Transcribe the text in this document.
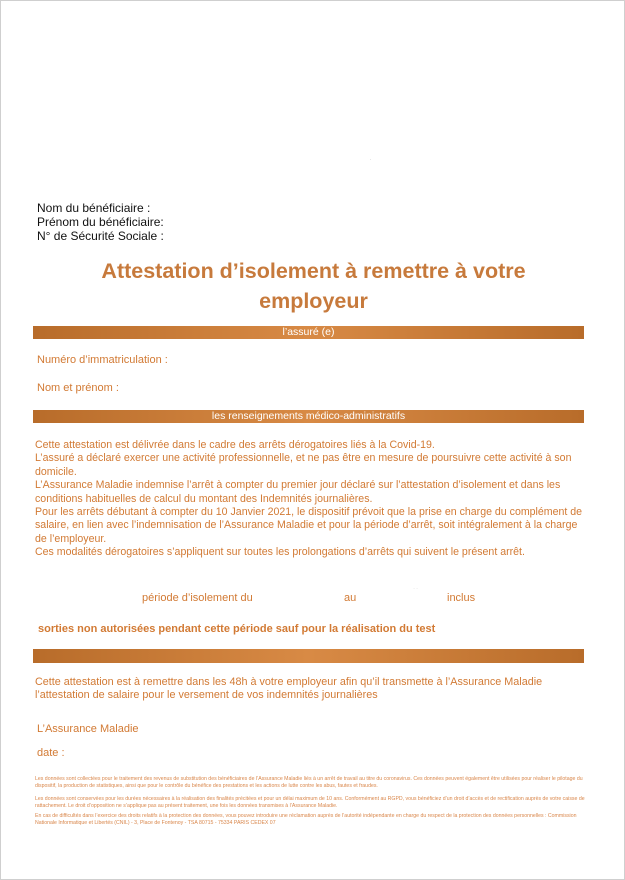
·
Nom du bénéficiaire :
Prénom du bénéficiaire:
N° de Sécurité Sociale :
Attestation d’isolement à remettre à votre
employeur
l’assuré (e)
Numéro d’immatriculation :
Nom et prénom :
les renseignements médico-administratifs

Cette attestation est délivrée dans le cadre des arrêts dérogatoires liés à la Covid-19.

L’assuré a déclaré exercer une activité professionnelle, et ne pas être en mesure de poursuivre cette activité à son domicile.

L’Assurance Maladie indemnise l’arrêt à compter du premier jour déclaré sur l’attestation d’isolement et dans les conditions habituelles de calcul du montant des Indemnités journalières.

Pour les arrêts débutant à compter du 10 Janvier 2021, le dispositif prévoit que la prise en charge du complément de salaire, en lien avec l’indemnisation de l’Assurance Maladie et pour la période d’arrêt, soit intégralement à la charge de l’employeur.

Ces modalités dérogatoires s’appliquent sur toutes les prolongations d’arrêts qui suivent le présent arrêt.

période d’isolement du	au	˙˙	inclus
sorties non autorisées pendant cette période sauf pour la réalisation du test
Cette attestation est à remettre dans les 48h à votre employeur afin qu’il transmette à l’Assurance Maladie l’attestation de salaire pour le versement de vos indemnités journalières
L’Assurance Maladie
date :
Les données sont collectées pour le traitement des revenus de substitution des bénéficiaires de l’Assurance Maladie liés à un arrêt de travail au titre du coronavirus. Ces données peuvent également être utilisées pour réaliser le pilotage du dispositif, la production de statistiques, ainsi que pour le contrôle du bénéfice des prestations et les actions de lutte contre les abus, fautes et fraudes.
Les données sont conservées pour les durées nécessaires à la réalisation des finalités précitées et pour un délai maximum de 10 ans. Conformément au RGPD, vous bénéficiez d’un droit d’accès et de rectification auprès de votre caisse de rattachement. Le droit d’opposition ne s’applique pas au présent traitement, une fois les données transmises à l’Assurance Maladie.
En cas de difficultés dans l’exercice des droits relatifs à la protection des données, vous pouvez introduire une réclamation auprès de l’autorité indépendante en charge du respect de la protection des données personnelles : Commission Nationale Informatique et Libertés (CNIL) - 3, Place de Fontenoy - TSA 80715 - 75334 PARIS CEDEX 07
